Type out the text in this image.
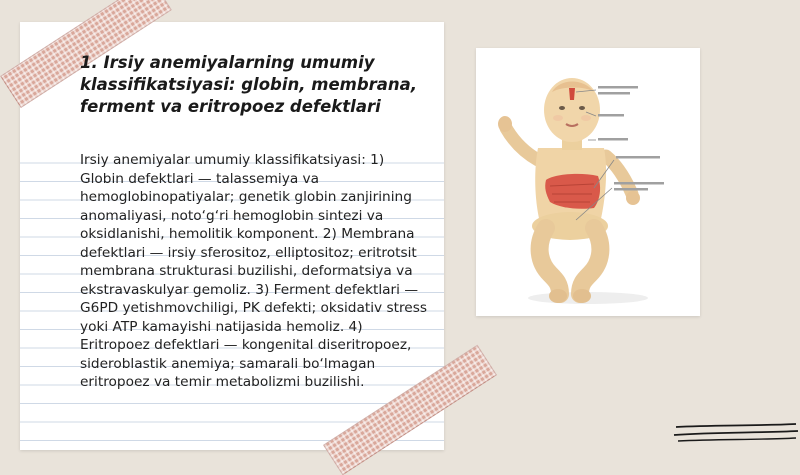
1. Irsiy anemiyalarning umumiy klassifikatsiyasi: globin, membrana, ferment va eritropoez defektlari

Irsiy anemiyalar umumiy klassifikatsiyasi: 1) Globin defektlari — talassemiya va hemoglobinopatiyalar; genetik globin zanjirining anomaliyasi, noto‘g‘ri hemoglobin sintezi va oksidlanishi, hemolitik komponent. 2) Membrana defektlari — irsiy sferositoz, elliptositoz; eritrotsit membrana strukturasi buzilishi, deformatsiya va ekstravaskulyar gemoliz. 3) Ferment defektlari — G6PD yetishmovchiligi, PK defekti; oksidativ stress yoki ATP kamayishi natijasida hemoliz. 4) Eritropoez defektlari — kongenital diseritropoez, sideroblastik anemiya; samarali bo‘lmagan eritropoez va temir metabolizmi buzilishi.
